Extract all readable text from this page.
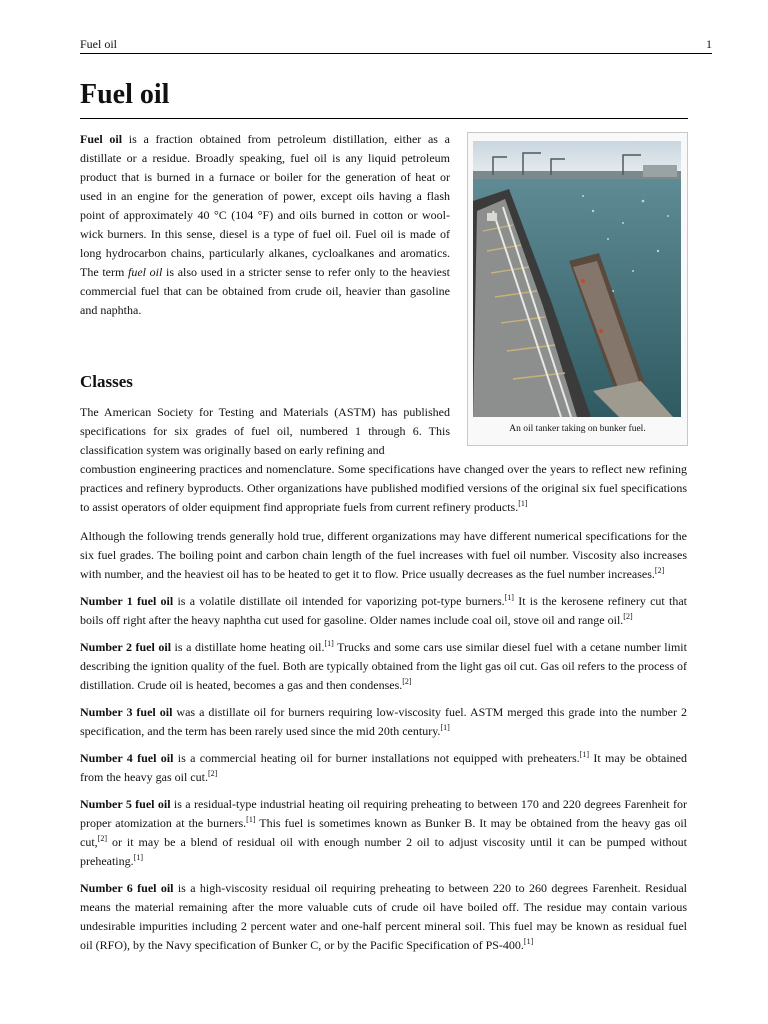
Fuel oil	1
Fuel oil
An oil tanker taking on bunker fuel.

Fuel oil is a fraction obtained from petroleum distillation, either as a distillate or a residue. Broadly speaking, fuel oil is any liquid petroleum product that is burned in a furnace or boiler for the generation of heat or used in an engine for the generation of power, except oils having a flash point of approximately 40 °C (104 °F) and oils burned in cotton or wool-wick burners. In this sense, diesel is a type of fuel oil. Fuel oil is made of long hydrocarbon chains, particularly alkanes, cycloalkanes and aromatics. The term fuel oil is also used in a stricter sense to refer only to the heaviest commercial fuel that can be obtained from crude oil, heavier than gasoline and naphtha.

Classes

The American Society for Testing and Materials (ASTM) has published specifications for six grades of fuel oil, numbered 1 through 6. This classification system was originally based on early refining and

combustion engineering practices and nomenclature. Some specifications have changed over the years to reflect new refining practices and refinery byproducts. Other organizations have published modified versions of the original six fuel specifications to assist operators of older equipment find appropriate fuels from current refinery products.[1]

Although the following trends generally hold true, different organizations may have different numerical specifications for the six fuel grades. The boiling point and carbon chain length of the fuel increases with fuel oil number. Viscosity also increases with number, and the heaviest oil has to be heated to get it to flow. Price usually decreases as the fuel number increases.[2]

Number 1 fuel oil is a volatile distillate oil intended for vaporizing pot-type burners.[1] It is the kerosene refinery cut that boils off right after the heavy naphtha cut used for gasoline. Older names include coal oil, stove oil and range oil.[2]

Number 2 fuel oil is a distillate home heating oil.[1] Trucks and some cars use similar diesel fuel with a cetane number limit describing the ignition quality of the fuel. Both are typically obtained from the light gas oil cut. Gas oil refers to the process of distillation. Crude oil is heated, becomes a gas and then condenses.[2]

Number 3 fuel oil was a distillate oil for burners requiring low-viscosity fuel. ASTM merged this grade into the number 2 specification, and the term has been rarely used since the mid 20th century.[1]

Number 4 fuel oil is a commercial heating oil for burner installations not equipped with preheaters.[1] It may be obtained from the heavy gas oil cut.[2]

Number 5 fuel oil is a residual-type industrial heating oil requiring preheating to between 170 and 220 degrees Farenheit for proper atomization at the burners.[1] This fuel is sometimes known as Bunker B. It may be obtained from the heavy gas oil cut,[2] or it may be a blend of residual oil with enough number 2 oil to adjust viscosity until it can be pumped without preheating.[1]

Number 6 fuel oil is a high-viscosity residual oil requiring preheating to between 220 to 260 degrees Farenheit. Residual means the material remaining after the more valuable cuts of crude oil have boiled off. The residue may contain various undesirable impurities including 2 percent water and one-half percent mineral soil. This fuel may be known as residual fuel oil (RFO), by the Navy specification of Bunker C, or by the Pacific Specification of PS-400.[1]
